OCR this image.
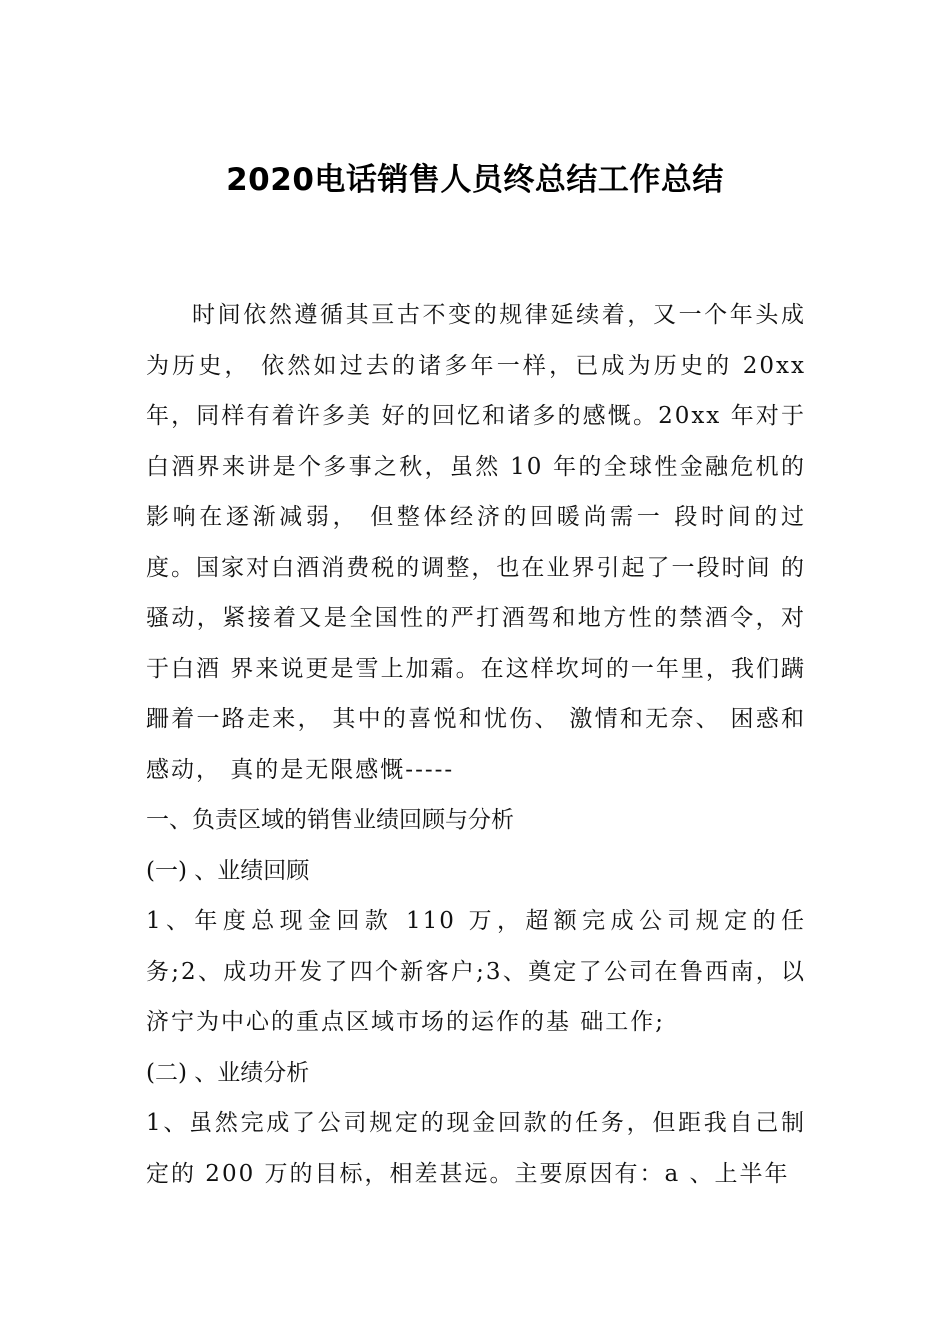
2020电话销售人员终总结工作总结

时间依然遵循其亘古不变的规律延续着，又一个年头成为历史， 依然如过去的诸多年一样，已成为历史的 20xx 年，同样有着许多美 好的回忆和诸多的感慨。20xx 年对于白酒界来讲是个多事之秋，虽然 10 年的全球性金融危机的影响在逐渐减弱， 但整体经济的回暖尚需一 段时间的过度。国家对白酒消费税的调整，也在业界引起了一段时间 的骚动，紧接着又是全国性的严打酒驾和地方性的禁酒令，对于白酒 界来说更是雪上加霜。在这样坎坷的一年里，我们蹒跚着一路走来， 其中的喜悦和忧伤、 激情和无奈、 困惑和感动， 真的是无限感慨-----

一、负责区域的销售业绩回顾与分析

(一) 、业绩回顾

1、年度总现金回款 110 万，超额完成公司规定的任务;2、成功开发了四个新客户;3、奠定了公司在鲁西南，以济宁为中心的重点区域市场的运作的基 础工作;

(二) 、业绩分析

1、虽然完成了公司规定的现金回款的任务，但距我自己制定的 200 万的目标，相差甚远。主要原因有：a 、上半年
